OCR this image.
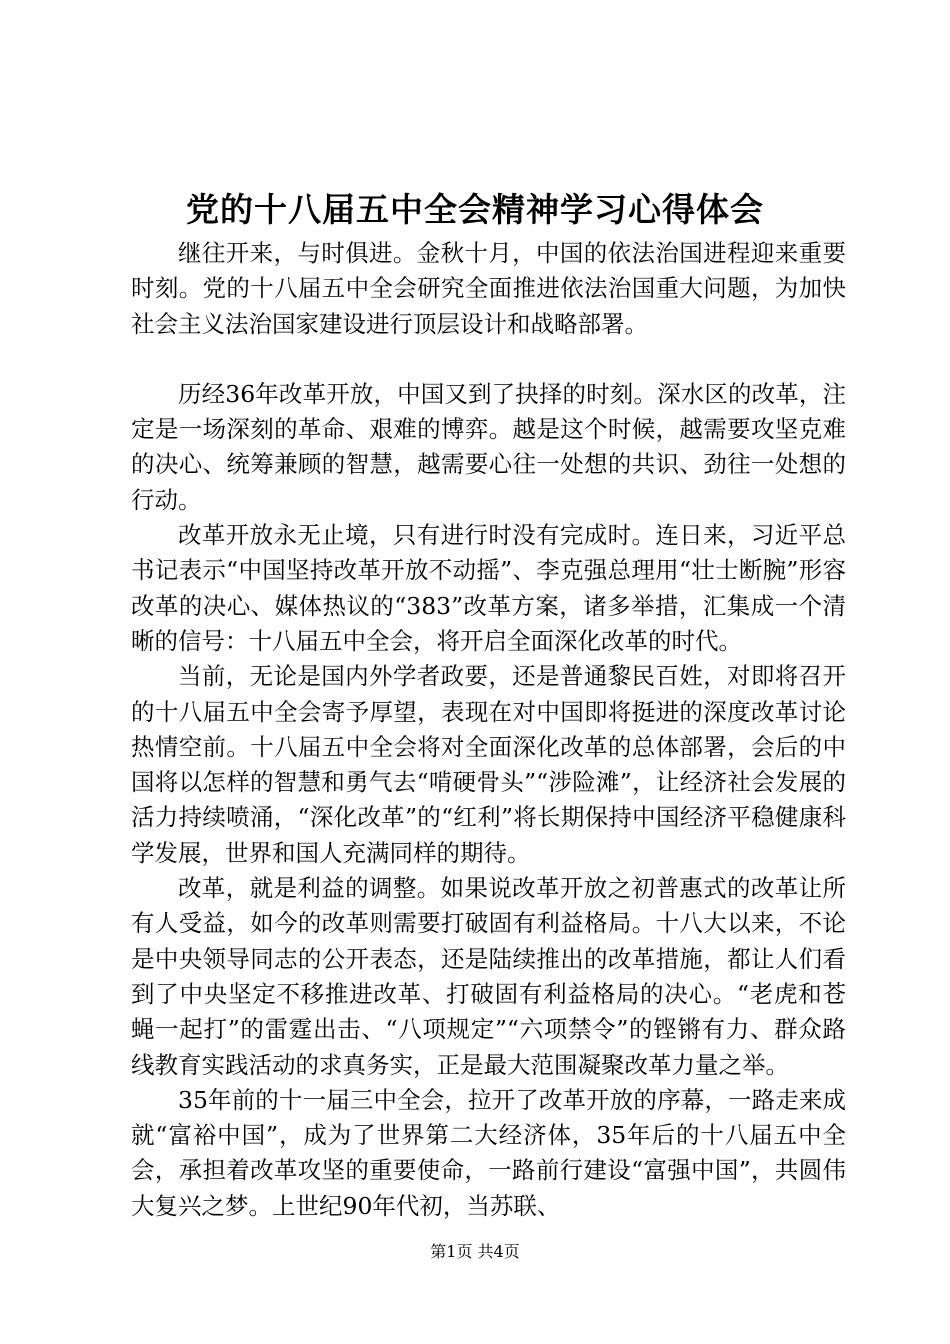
党的十八届五中全会精神学习心得体会

继往开来，与时俱进。金秋十月，中国的依法治国进程迎来重要时刻。党的十八届五中全会研究全面推进依法治国重大问题，为加快社会主义法治国家建设进行顶层设计和战略部署。

历经36年改革开放，中国又到了抉择的时刻。深水区的改革，注定是一场深刻的革命、艰难的博弈。越是这个时候，越需要攻坚克难的决心、统筹兼顾的智慧，越需要心往一处想的共识、劲往一处想的行动。

改革开放永无止境，只有进行时没有完成时。连日来，习近平总书记表示“中国坚持改革开放不动摇”、李克强总理用“壮士断腕”形容改革的决心、媒体热议的“383”改革方案，诸多举措，汇集成一个清晰的信号：十八届五中全会，将开启全面深化改革的时代。

当前，无论是国内外学者政要，还是普通黎民百姓，对即将召开的十八届五中全会寄予厚望，表现在对中国即将挺进的深度改革讨论热情空前。十八届五中全会将对全面深化改革的总体部署，会后的中国将以怎样的智慧和勇气去“啃硬骨头”“涉险滩”，让经济社会发展的活力持续喷涌，“深化改革”的“红利”将长期保持中国经济平稳健康科学发展，世界和国人充满同样的期待。

改革，就是利益的调整。如果说改革开放之初普惠式的改革让所有人受益，如今的改革则需要打破固有利益格局。十八大以来，不论是中央领导同志的公开表态，还是陆续推出的改革措施，都让人们看到了中央坚定不移推进改革、打破固有利益格局的决心。“老虎和苍蝇一起打”的雷霆出击、“八项规定”“六项禁令”的铿锵有力、群众路线教育实践活动的求真务实，正是最大范围凝聚改革力量之举。

35年前的十一届三中全会，拉开了改革开放的序幕，一路走来成就“富裕中国”，成为了世界第二大经济体，35年后的十八届五中全会，承担着改革攻坚的重要使命，一路前行建设“富强中国”，共圆伟大复兴之梦。上世纪90年代初，当苏联、

第1页 共4页
